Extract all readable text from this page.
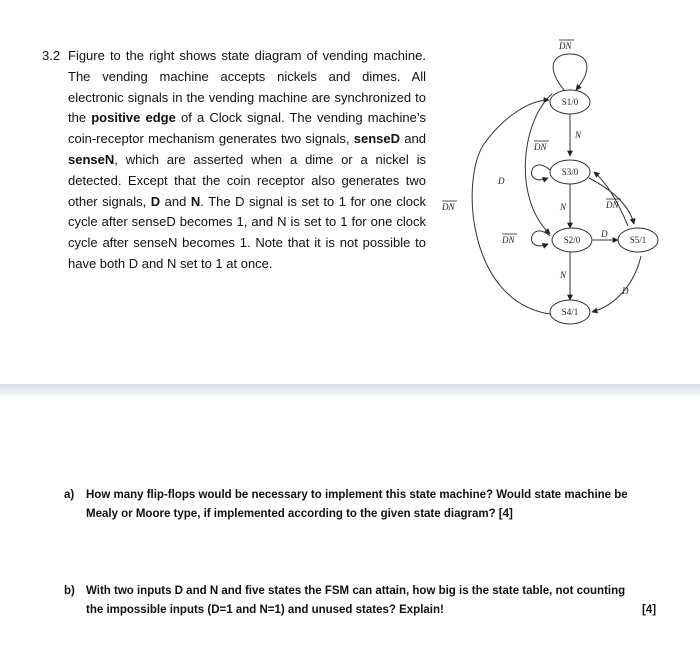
3.2 Figure to the right shows state diagram of vending machine. The vending machine accepts nickels and dimes. All electronic signals in the vending machine are synchronized to the positive edge of a Clock signal. The vending machine’s coin-receptor mechanism generates two signals, senseD and senseN, which are asserted when a dime or a nickel is detected. Except that the coin receptor also generates two other signals, D and N. The D signal is set to 1 for one clock cycle after senseD becomes 1, and N is set to 1 for one clock cycle after senseN becomes 1. Note that it is not possible to have both D and N set to 1 at once.
S1/0
S3/0
S2/0	S5/1
S4/1
DN
N
DN
D
DN	N	DN
DN
D
N
D
a) How many flip-flops would be necessary to implement this state machine? Would state machine be Mealy or Moore type, if implemented according to the given state diagram? [4]
b) With two inputs D and N and five states the FSM can attain, how big is the state table, not counting the impossible inputs (D=1 and N=1) and unused states? Explain!	[4]
